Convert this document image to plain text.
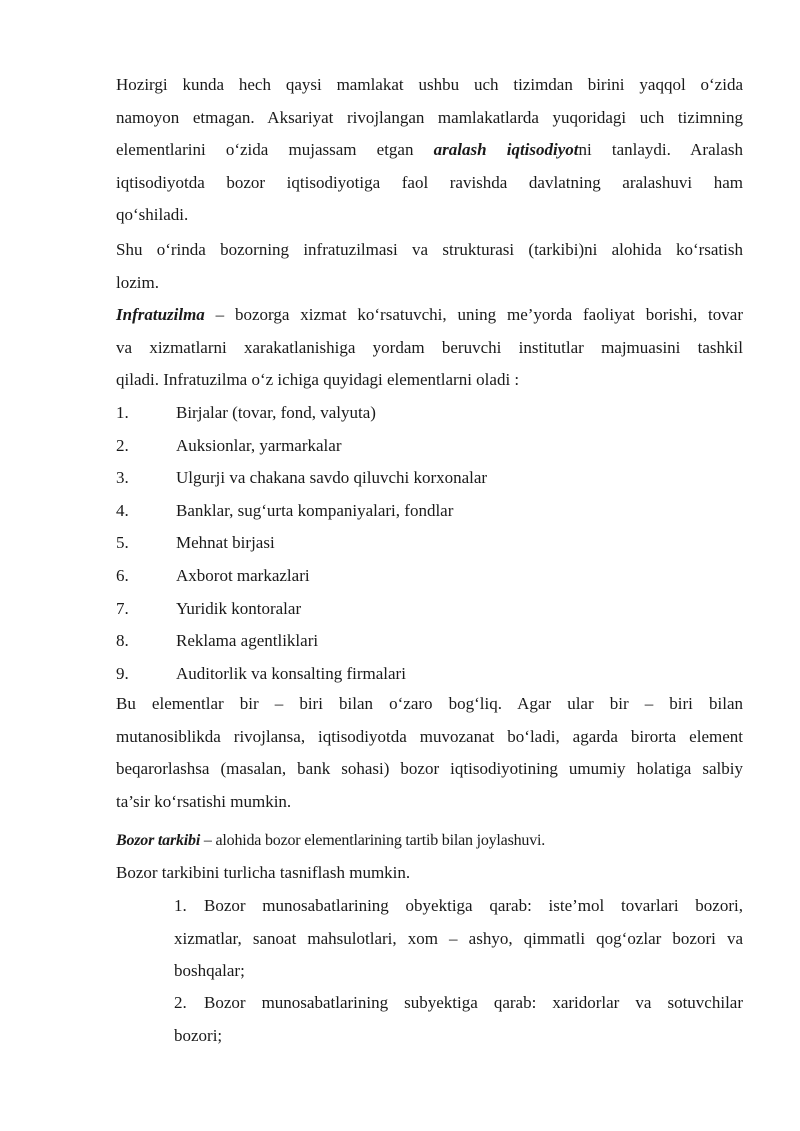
Hozirgi kunda hech qaysi mamlakat ushbu uch tizimdan birini yaqqol o‘zida
namoyon etmagan. Aksariyat rivojlangan mamlakatlarda yuqoridagi uch tizimning
elementlarini o‘zida mujassam etgan aralash iqtisodiyotni tanlaydi. Aralash
iqtisodiyotda bozor iqtisodiyotiga faol ravishda davlatning aralashuvi ham
qo‘shiladi.
Shu o‘rinda bozorning infratuzilmasi va strukturasi (tarkibi)ni alohida ko‘rsatish
lozim.
Infratuzilma – bozorga xizmat ko‘rsatuvchi, uning me’yorda faoliyat borishi, tovar
va xizmatlarni xarakatlanishiga yordam beruvchi institutlar majmuasini tashkil
qiladi. Infratuzilma o‘z ichiga quyidagi elementlarni oladi :
1.	Birjalar (tovar, fond, valyuta)
2.	Auksionlar, yarmarkalar
3.	Ulgurji va chakana savdo qiluvchi korxonalar
4.	Banklar, sug‘urta kompaniyalari, fondlar
5.	Mehnat birjasi
6.	Axborot markazlari
7.	Yuridik kontoralar
8.	Reklama agentliklari
9.	Auditorlik va konsalting firmalari
Bu elementlar bir – biri bilan o‘zaro bog‘liq. Agar ular bir – biri bilan
mutanosiblikda rivojlansa, iqtisodiyotda muvozanat bo‘ladi, agarda birorta element
beqarorlashsa (masalan, bank sohasi) bozor iqtisodiyotining umumiy holatiga salbiy
ta’sir ko‘rsatishi mumkin.
Bozor tarkibi – alohida bozor elementlarining tartib bilan joylashuvi.
Bozor tarkibini turlicha tasniflash mumkin.
1. Bozor munosabatlarining obyektiga qarab: iste’mol tovarlari bozori,
xizmatlar, sanoat mahsulotlari, xom – ashyo, qimmatli qog‘ozlar bozori va
boshqalar;
2. Bozor munosabatlarining subyektiga qarab: xaridorlar va sotuvchilar
bozori;
